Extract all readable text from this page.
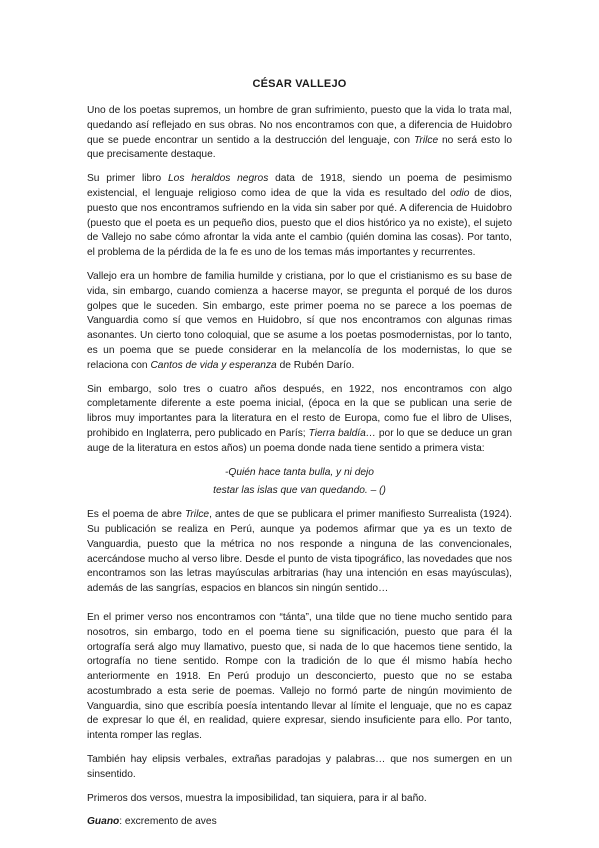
CÉSAR VALLEJO

Uno de los poetas supremos, un hombre de gran sufrimiento, puesto que la vida lo trata mal, quedando así reflejado en sus obras. No nos encontramos con que, a diferencia de Huidobro que se puede encontrar un sentido a la destrucción del lenguaje, con Trilce no será esto lo que precisamente destaque.

Su primer libro Los heraldos negros data de 1918, siendo un poema de pesimismo existencial, el lenguaje religioso como idea de que la vida es resultado del odio de dios, puesto que nos encontramos sufriendo en la vida sin saber por qué. A diferencia de Huidobro (puesto que el poeta es un pequeño dios, puesto que el dios histórico ya no existe), el sujeto de Vallejo no sabe cómo afrontar la vida ante el cambio (quién domina las cosas). Por tanto, el problema de la pérdida de la fe es uno de los temas más importantes y recurrentes.

Vallejo era un hombre de familia humilde y cristiana, por lo que el cristianismo es su base de vida, sin embargo, cuando comienza a hacerse mayor, se pregunta el porqué de los duros golpes que le suceden. Sin embargo, este primer poema no se parece a los poemas de Vanguardia como sí que vemos en Huidobro, sí que nos encontramos con algunas rimas asonantes. Un cierto tono coloquial, que se asume a los poetas posmodernistas, por lo tanto, es un poema que se puede considerar en la melancolía de los modernistas, lo que se relaciona con Cantos de vida y esperanza de Rubén Darío.

Sin embargo, solo tres o cuatro años después, en 1922, nos encontramos con algo completamente diferente a este poema inicial, (época en la que se publican una serie de libros muy importantes para la literatura en el resto de Europa, como fue el libro de Ulises, prohibido en Inglaterra, pero publicado en París; Tierra baldía… por lo que se deduce un gran auge de la literatura en estos años) un poema donde nada tiene sentido a primera vista:

-Quién hace tanta bulla, y ni dejo

testar las islas que van quedando. – ()

Es el poema de abre Trilce, antes de que se publicara el primer manifiesto Surrealista (1924). Su publicación se realiza en Perú, aunque ya podemos afirmar que ya es un texto de Vanguardia, puesto que la métrica no nos responde a ninguna de las convencionales, acercándose mucho al verso libre. Desde el punto de vista tipográfico, las novedades que nos encontramos son las letras mayúsculas arbitrarias (hay una intención en esas mayúsculas), además de las sangrías, espacios en blancos sin ningún sentido…

En el primer verso nos encontramos con “tánta”, una tilde que no tiene mucho sentido para nosotros, sin embargo, todo en el poema tiene su significación, puesto que para él la ortografía será algo muy llamativo, puesto que, si nada de lo que hacemos tiene sentido, la ortografía no tiene sentido. Rompe con la tradición de lo que él mismo había hecho anteriormente en 1918. En Perú produjo un desconcierto, puesto que no se estaba acostumbrado a esta serie de poemas. Vallejo no formó parte de ningún movimiento de Vanguardia, sino que escribía poesía intentando llevar al límite el lenguaje, que no es capaz de expresar lo que él, en realidad, quiere expresar, siendo insuficiente para ello. Por tanto, intenta romper las reglas.

También hay elipsis verbales, extrañas paradojas y palabras… que nos sumergen en un sinsentido.

Primeros dos versos, muestra la imposibilidad, tan siquiera, para ir al baño.

Guano: excremento de aves
